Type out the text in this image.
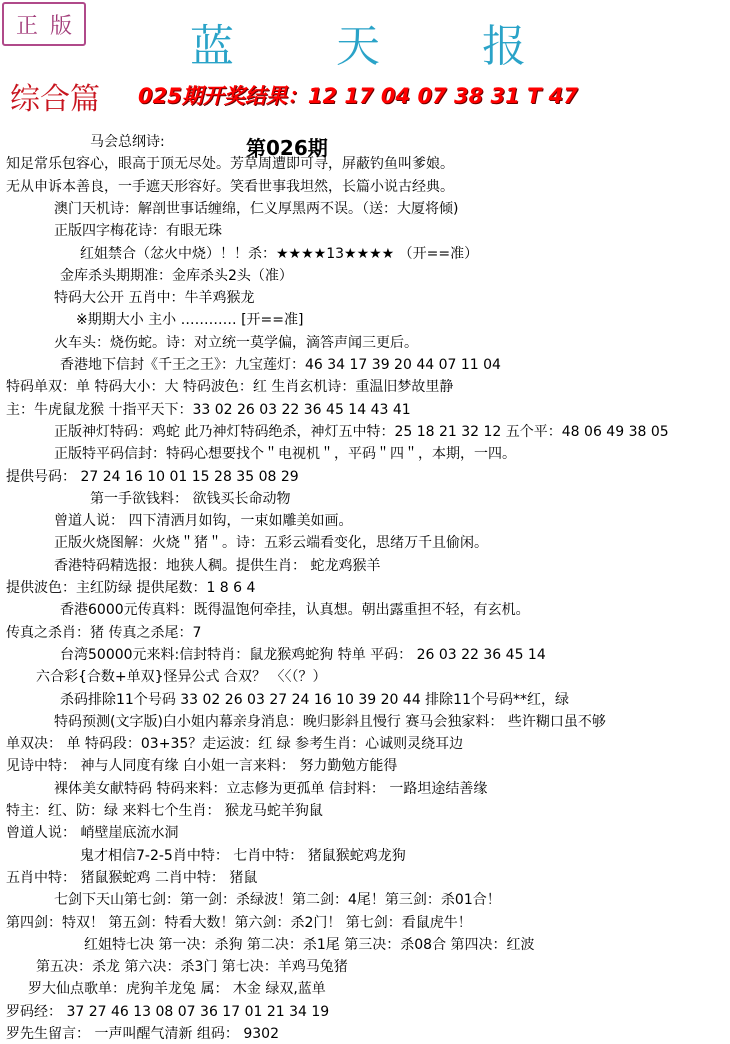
正 版	蓝 天 报
综合篇 025期开奖结果：12 17 04 07 38 31 T 47
第026期
马会总纲诗:
知足常乐包容心，眼高于顶无尽处。芳草周遭即可寻，屏蔽钓鱼叫爹娘。
无从申诉本善良，一手遮天形容好。笑看世事我坦然，长篇小说古经典。
澳门天机诗：解剖世事话缠绵，仁义厚黑两不误。（送：大厦将倾)
正版四字梅花诗：有眼无珠
红姐禁合（忿火中烧）！！杀：★★★★13★★★★ （开==准）
金库杀头期期准：金库杀头2头（准）
特码大公开 五肖中：牛羊鸡猴龙
※期期大小 主小 ………… [开==准]
火车头：烧伤蛇。诗：对立统一莫学偏，滴答声闻三更后。
香港地下信封《千王之王》：九宝莲灯：46 34 17 39 20 44 07 11 04
特码单双：单 特码大小：大 特码波色：红 生肖玄机诗：重温旧梦故里静
主：牛虎鼠龙猴 十指平天下：33 02 26 03 22 36 45 14 43 41
正版神灯特码：鸡蛇 此乃神灯特码绝杀，神灯五中特：25 18 21 32 12 五个平：48 06 49 38 05
正版特平码信封：特码心想要找个＂电视机＂，平码＂四＂，本期，一四。
提供号码： 27 24 16 10 01 15 28 35 08 29
第一手欲钱料： 欲钱买长命动物
曾道人说： 四下清洒月如钩，一束如雕美如画。
正版火烧图解：火烧＂猪＂。诗：五彩云端看变化，思绪万千且偷闲。
香港特码精选报：地狭人稠。提供生肖： 蛇龙鸡猴羊
提供波色：主红防绿 提供尾数：1 8 6 4
香港6000元传真料：既得温饱何牵挂，认真想。朝出露重担不轻，有玄机。
传真之杀肖：猪 传真之杀尾：7
台湾50000元来料:信封特肖：鼠龙猴鸡蛇狗 特单 平码： 26 03 22 36 45 14
六合彩{合数+单双}怪异公式 合双？ 〈〈（？）
杀码排除11个号码 33 02 26 03 27 24 16 10 39 20 44 排除11个号码**红，绿
特码预测(文字版)白小姐内幕亲身消息：晚归影斜且慢行 赛马会独家料： 些许糊口虽不够
单双决： 单 特码段：03+35？走运波：红 绿 参考生肖：心诚则灵绕耳边
见诗中特： 神与人同度有缘 白小姐一言来料： 努力勤勉方能得
裸体美女献特码 特码来料：立志修为更孤单 信封料： 一路坦途结善缘
特主：红、防：绿 来料七个生肖： 猴龙马蛇羊狗鼠
曾道人说： 峭壁崖底流水洞
鬼才相信7-2-5肖中特： 七肖中特： 猪鼠猴蛇鸡龙狗
五肖中特： 猪鼠猴蛇鸡 二肖中特： 猪鼠
七剑下天山第七剑：第一剑：杀绿波！第二剑：4尾！第三剑：杀01合！
第四剑：特双！ 第五剑：特看大数！第六剑：杀2门！ 第七剑：看鼠虎牛！
红姐特七决 第一决：杀狗 第二决：杀1尾 第三决：杀08合 第四决：红波
第五决：杀龙 第六决：杀3门 第七决：羊鸡马兔猪
罗大仙点歌单：虎狗羊龙兔 属： 木金 绿双,蓝单
罗码经： 37 27 46 13 08 07 36 17 01 21 34 19
罗先生留言： 一声叫醒气清新 组码： 9302
